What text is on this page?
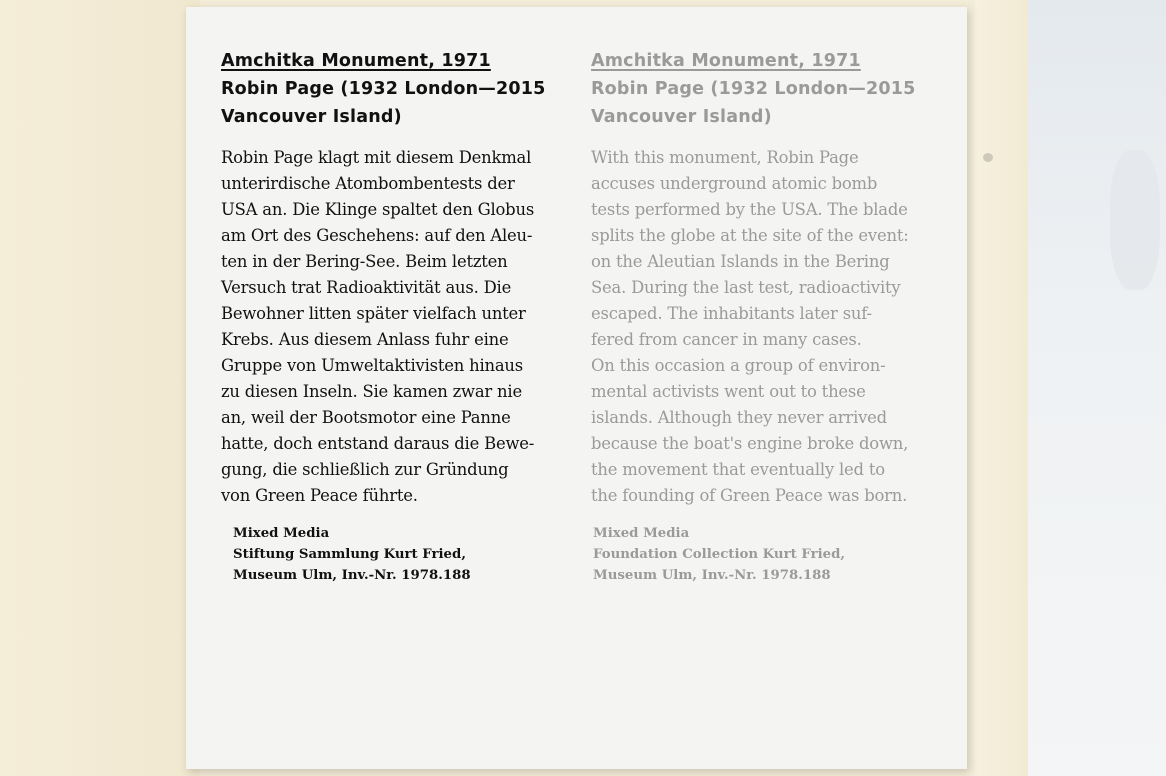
Amchitka Monument, 1971
Robin Page (1932 London—2015
Vancouver Island)
Robin Page klagt mit diesem Denkmal
unterirdische Atombombentests der
USA an. Die Klinge spaltet den Globus
am Ort des Geschehens: auf den Aleu-
ten in der Bering-See. Beim letzten
Versuch trat Radioaktivität aus. Die
Bewohner litten später vielfach unter
Krebs. Aus diesem Anlass fuhr eine
Gruppe von Umweltaktivisten hinaus
zu diesen Inseln. Sie kamen zwar nie
an, weil der Bootsmotor eine Panne
hatte, doch entstand daraus die Bewe-
gung, die schließlich zur Gründung
von Green Peace führte.
Mixed Media
Stiftung Sammlung Kurt Fried,
Museum Ulm, Inv.-Nr. 1978.188
Amchitka Monument, 1971
Robin Page (1932 London—2015
Vancouver Island)
With this monument, Robin Page
accuses underground atomic bomb
tests performed by the USA. The blade
splits the globe at the site of the event:
on the Aleutian Islands in the Bering
Sea. During the last test, radioactivity
escaped. The inhabitants later suf-
fered from cancer in many cases.
On this occasion a group of environ-
mental activists went out to these
islands. Although they never arrived
because the boat's engine broke down,
the movement that eventually led to
the founding of Green Peace was born.
Mixed Media
Foundation Collection Kurt Fried,
Museum Ulm, Inv.-Nr. 1978.188
